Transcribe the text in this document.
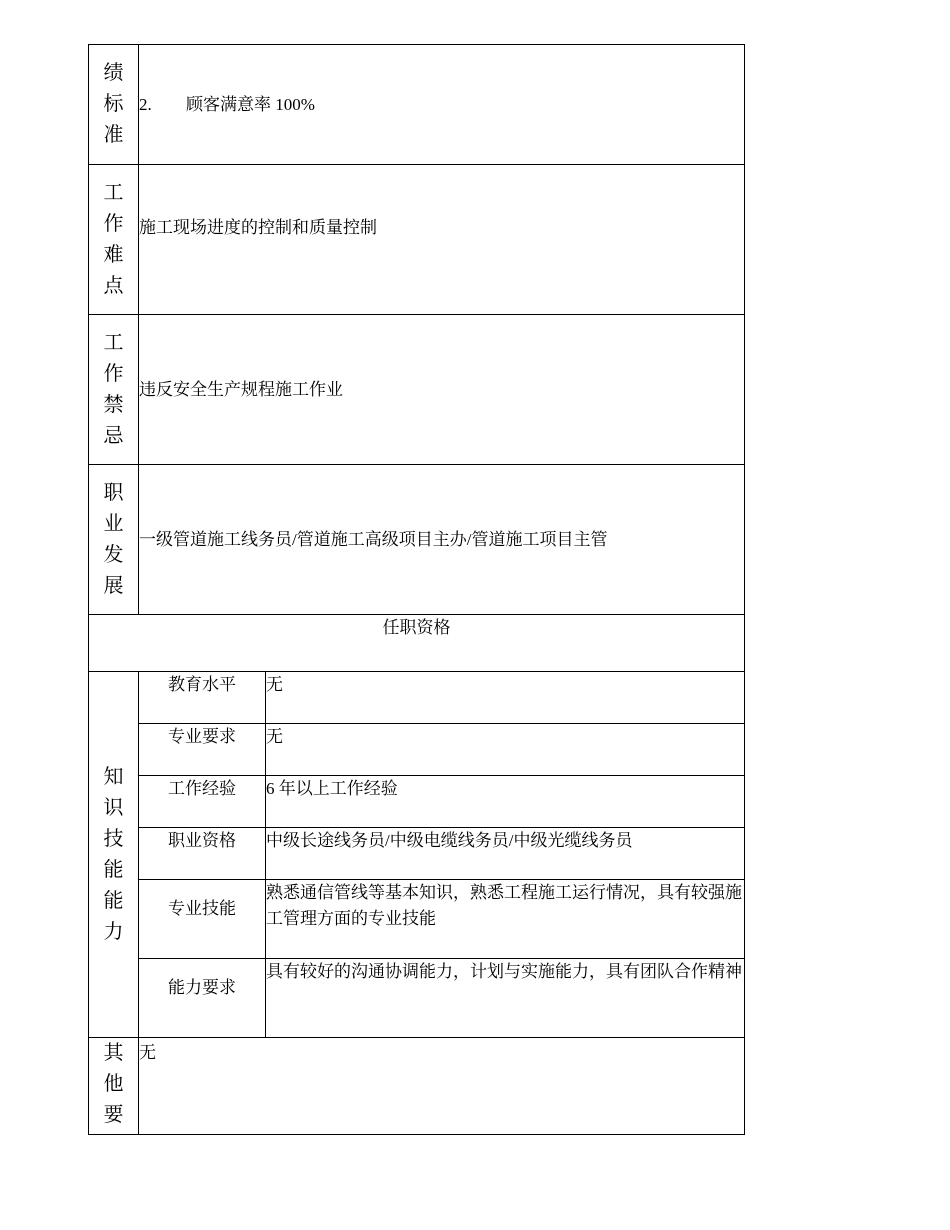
绩标准	2. 顾客满意率 100%	

工作难点	施工现场进度的控制和质量控制	

工作禁忌	违反安全生产规程施工作业	

职业发展	一级管道施工线务员/管道施工高级项目主办/管道施工项目主管	
任职资格		

知识技能能力	教育水平	无
	专业要求	无
	工作经验	6 年以上工作经验
	职业资格	中级长途线务员/中级电缆线务员/中级光缆线务员
	专业技能	熟悉通信管线等基本知识，熟悉工程施工运行情况，具有较强施工管理方面的专业技能
	能力要求	具有较好的沟通协调能力，计划与实施能力，具有团队合作精神

其他要	无	
